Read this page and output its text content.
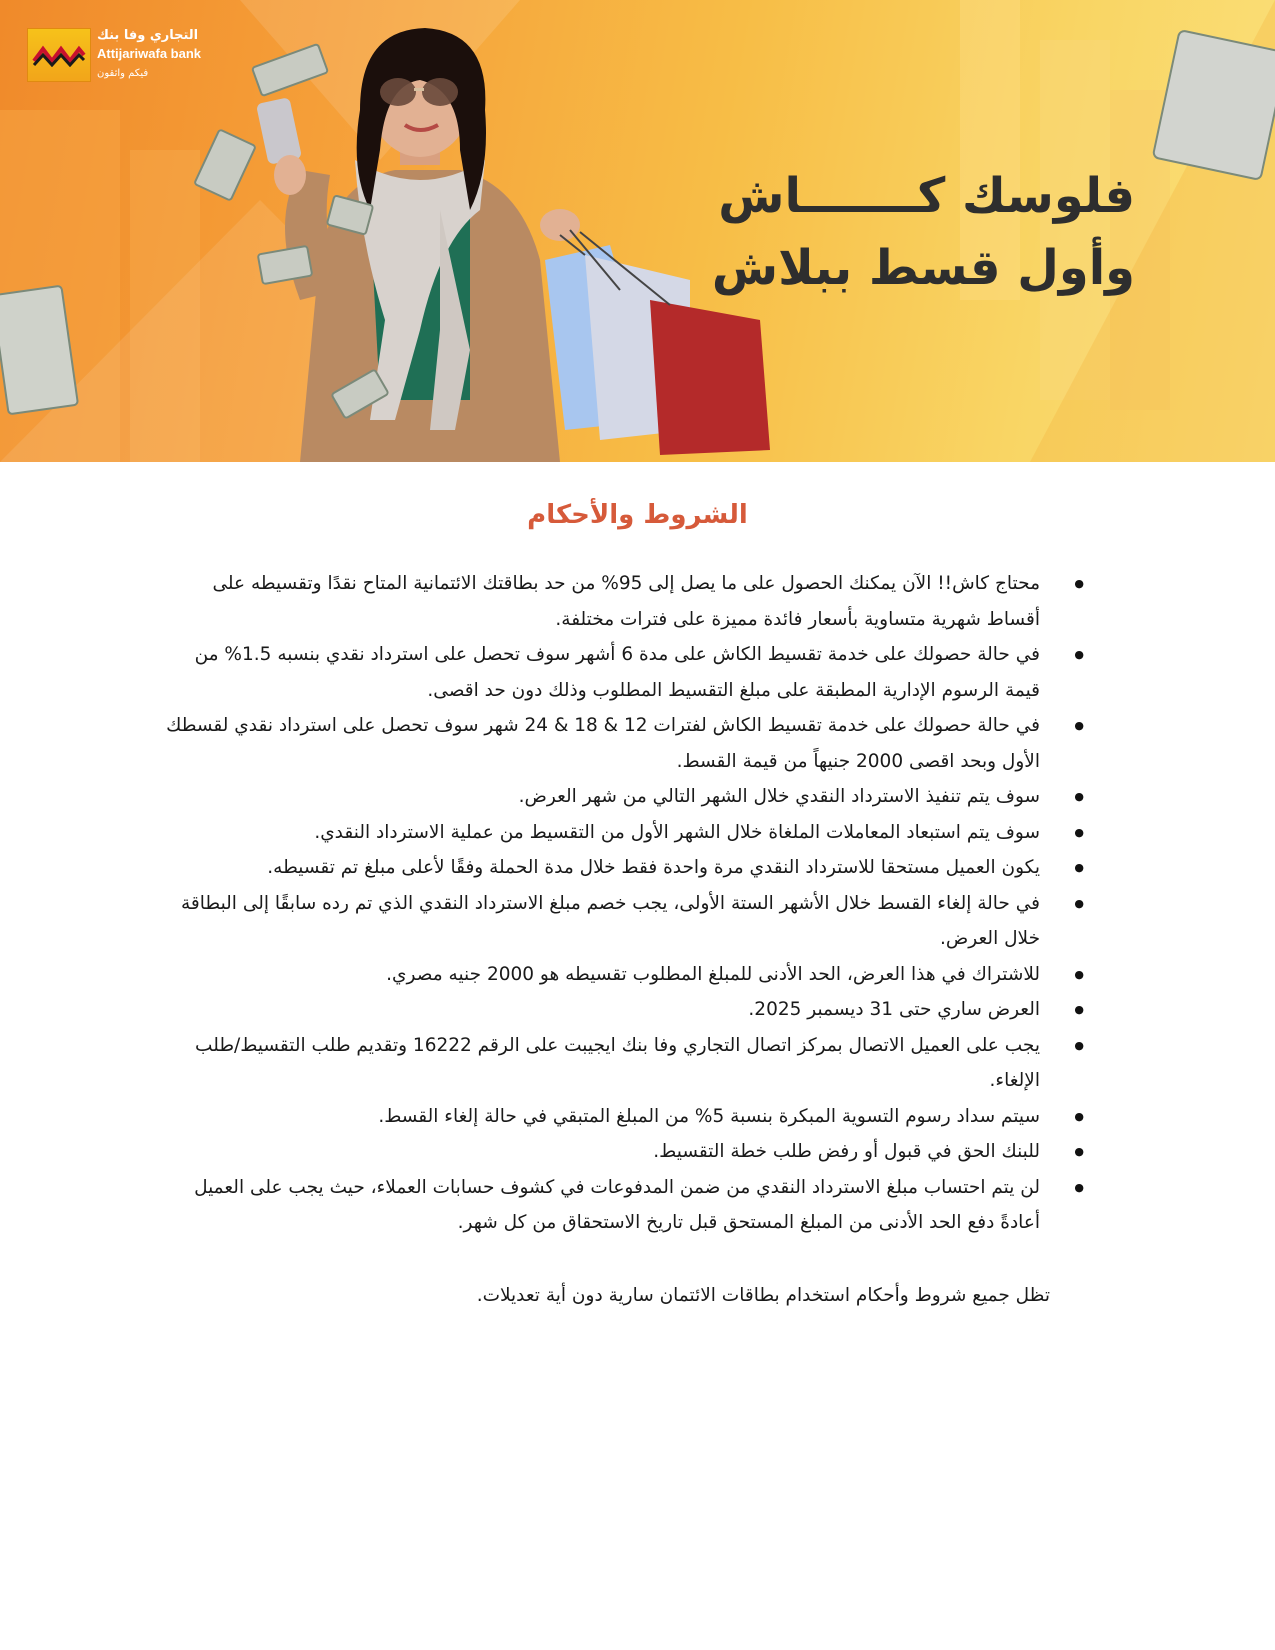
التجاري وفا بنك
Attijariwafa bank
فيكم واثقون
فلوسك كـــــــاش
وأول قسط ببلاش
الشروط والأحكام
● محتاج كاش!! الآن يمكنك الحصول على ما يصل إلى 95% من حد بطاقتك الائتمانية المتاح نقدًا وتقسيطه على أقساط شهرية متساوية بأسعار فائدة مميزة على فترات مختلفة.
● في حالة حصولك على خدمة تقسيط الكاش على مدة 6 أشهر سوف تحصل على استرداد نقدي بنسبه 1.5% من قيمة الرسوم الإدارية المطبقة على مبلغ التقسيط المطلوب وذلك دون حد اقصى.
● في حالة حصولك على خدمة تقسيط الكاش لفترات 12 & 18 & 24 شهر سوف تحصل على استرداد نقدي لقسطك الأول وبحد اقصى 2000 جنيهاً من قيمة القسط.
● سوف يتم تنفيذ الاسترداد النقدي خلال الشهر التالي من شهر العرض.
● سوف يتم استبعاد المعاملات الملغاة خلال الشهر الأول من التقسيط من عملية الاسترداد النقدي.
● يكون العميل مستحقا للاسترداد النقدي مرة واحدة فقط خلال مدة الحملة وفقًا لأعلى مبلغ تم تقسيطه.
● في حالة إلغاء القسط خلال الأشهر الستة الأولى، يجب خصم مبلغ الاسترداد النقدي الذي تم رده سابقًا إلى البطاقة خلال العرض.
● للاشتراك في هذا العرض، الحد الأدنى للمبلغ المطلوب تقسيطه هو 2000 جنيه مصري.
● العرض ساري حتى 31 ديسمبر 2025.
● يجب على العميل الاتصال بمركز اتصال التجاري وفا بنك ايجيبت على الرقم 16222 وتقديم طلب التقسيط/طلب الإلغاء.
● سيتم سداد رسوم التسوية المبكرة بنسبة 5% من المبلغ المتبقي في حالة إلغاء القسط.
● للبنك الحق في قبول أو رفض طلب خطة التقسيط.
● لن يتم احتساب مبلغ الاسترداد النقدي من ضمن المدفوعات في كشوف حسابات العملاء، حيث يجب على العميل أعادةً دفع الحد الأدنى من المبلغ المستحق قبل تاريخ الاستحقاق من كل شهر.
تظل جميع شروط وأحكام استخدام بطاقات الائتمان سارية دون أية تعديلات.
